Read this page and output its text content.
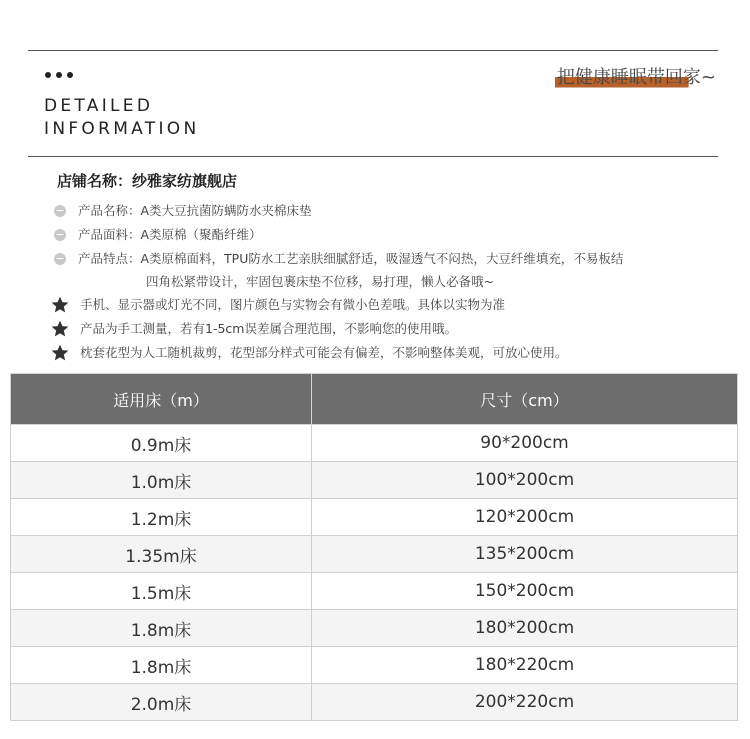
DETAILED
INFORMATION
把健康睡眠带回家~
店铺名称：纱雅家纺旗舰店
− 产品名称：A类大豆抗菌防螨防水夹棉床垫
− 产品面料：A类原棉（聚酯纤维）
− 产品特点：A类原棉面料，TPU防水工艺亲肤细腻舒适，吸湿透气不闷热，大豆纤维填充，不易板结
四角松紧带设计，牢固包裹床垫不位移，易打理，懒人必备哦~
手机、显示器或灯光不同，图片颜色与实物会有微小色差哦。具体以实物为准
产品为手工测量，若有1-5cm误差属合理范围，不影响您的使用哦。
枕套花型为人工随机裁剪，花型部分样式可能会有偏差，不影响整体美观，可放心使用。
适用床（m）	尺寸（cm）
0.9m床	90*200cm
1.0m床	100*200cm
1.2m床	120*200cm
1.35m床	135*200cm
1.5m床	150*200cm
1.8m床	180*200cm
1.8m床	180*220cm
2.0m床	200*220cm
